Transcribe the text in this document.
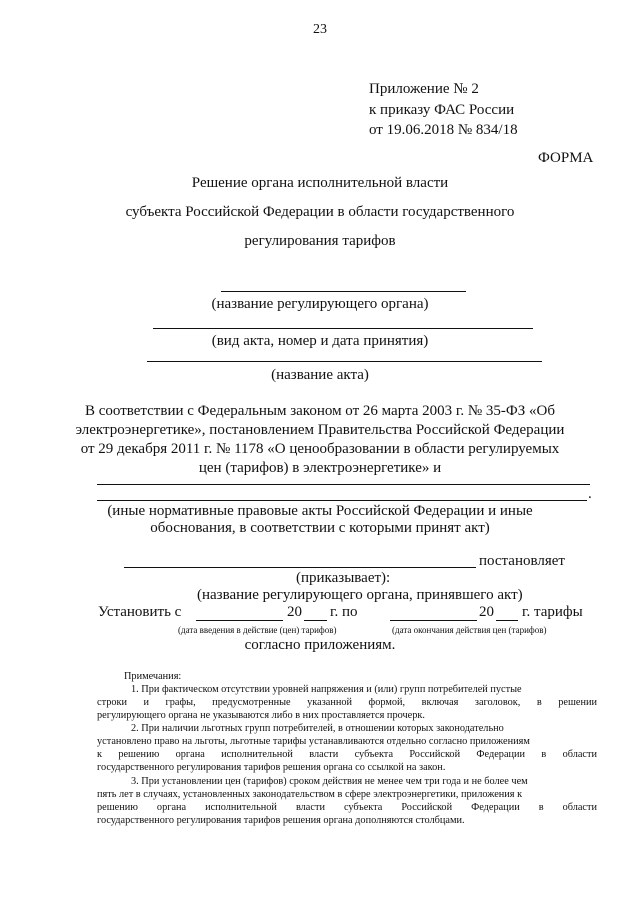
23
Приложение № 2
к приказу ФАС России
от 19.06.2018 № 834/18
ФОРМА
Решение органа исполнительной власти
субъекта Российской Федерации в области государственного
регулирования тарифов
(название регулирующего органа)
(вид акта, номер и дата принятия)
(название акта)
В соответствии с Федеральным законом от 26 марта 2003 г. № 35-ФЗ «Об
электроэнергетике», постановлением Правительства Российской Федерации
от 29 декабря 2011 г. № 1178 «О ценообразовании в области регулируемых
цен (тарифов) в электроэнергетике» и
.
(иные нормативные правовые акты Российской Федерации и иные
обоснования, в соответствии с которыми принят акт)
постановляет
(приказывает):
(название регулирующего органа, принявшего акт)
Установить с	20 г. по	20 г. тарифы
(дата введения в действие (цен) тарифов)	(дата окончания действия цен (тарифов)
согласно приложениям.
Примечания:
1. При фактическом отсутствии уровней напряжения и (или) групп потребителей пустые
строки и графы, предусмотренные указанной формой, включая заголовок, в решении
регулирующего органа не указываются либо в них проставляется прочерк.
2. При наличии льготных групп потребителей, в отношении которых законодательно
установлено право на льготы, льготные тарифы устанавливаются отдельно согласно приложениям
к решению органа исполнительной власти субъекта Российской Федерации в области
государственного регулирования тарифов решения органа со ссылкой на закон.
3. При установлении цен (тарифов) сроком действия не менее чем три года и не более чем
пять лет в случаях, установленных законодательством в сфере электроэнергетики, приложения к
решению органа исполнительной власти субъекта Российской Федерации в области
государственного регулирования тарифов решения органа дополняются столбцами.
